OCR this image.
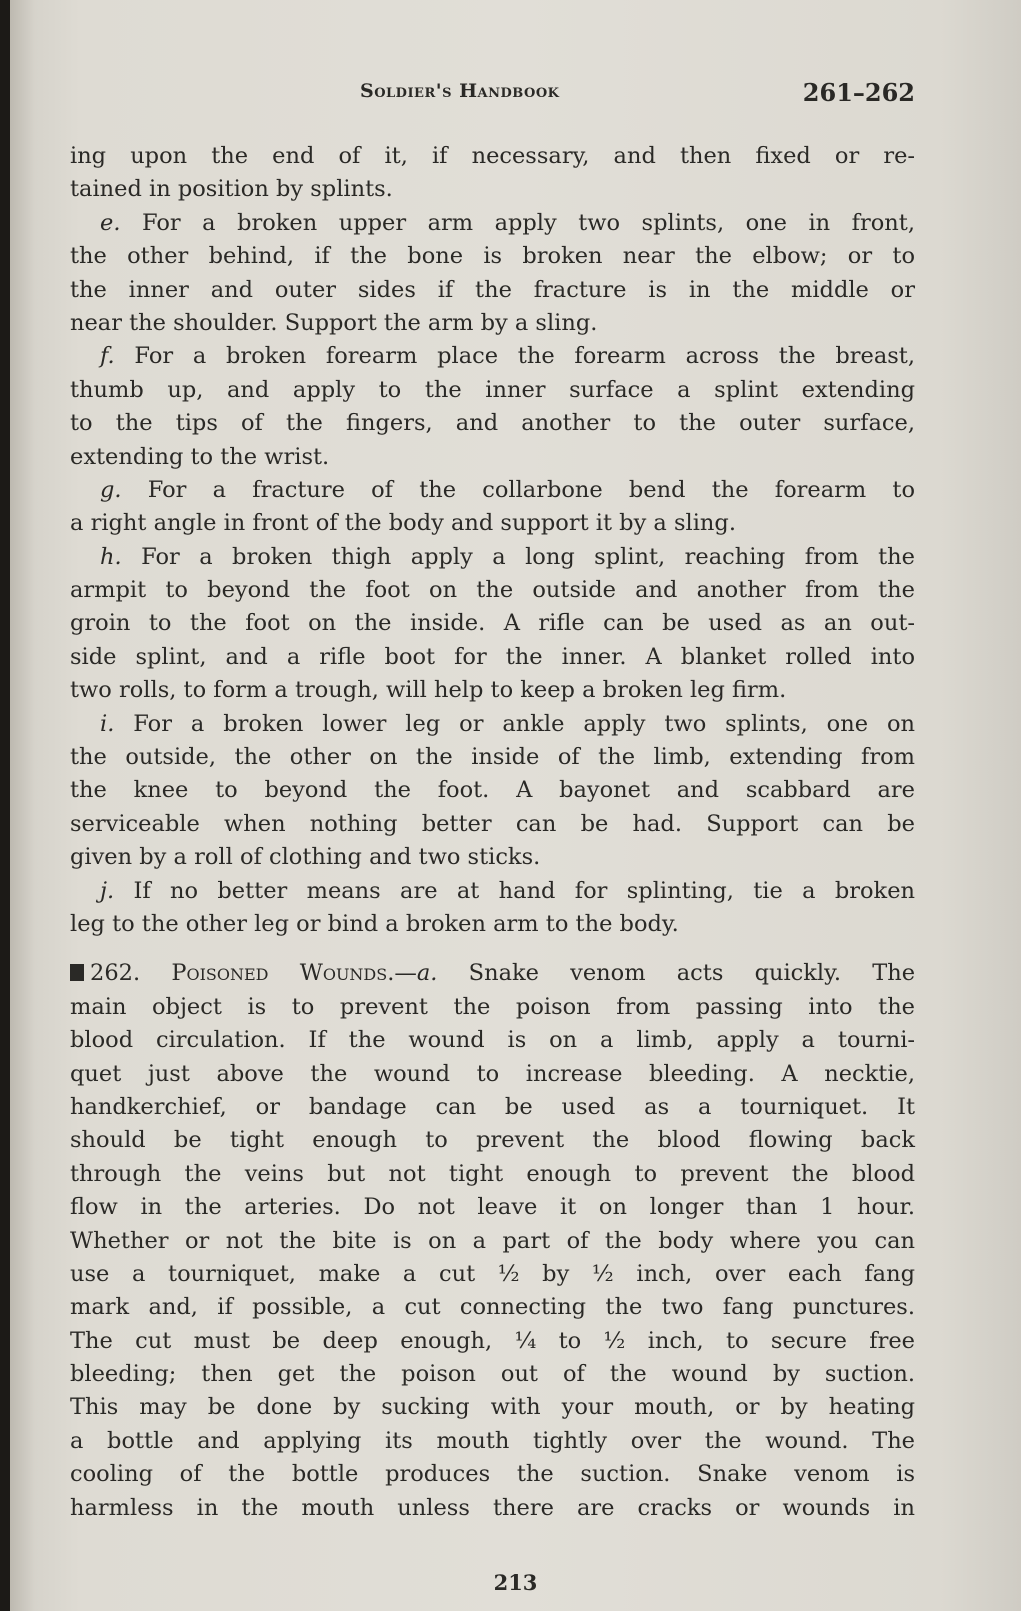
Soldier's Handbook	261–262
ing upon the end of it, if necessary, and then fixed or re-
tained in position by splints.
e. For a broken upper arm apply two splints, one in front,
the other behind, if the bone is broken near the elbow; or to
the inner and outer sides if the fracture is in the middle or
near the shoulder. Support the arm by a sling.
f. For a broken forearm place the forearm across the breast,
thumb up, and apply to the inner surface a splint extending
to the tips of the fingers, and another to the outer surface,
extending to the wrist.
g. For a fracture of the collarbone bend the forearm to
a right angle in front of the body and support it by a sling.
h. For a broken thigh apply a long splint, reaching from the
armpit to beyond the foot on the outside and another from the
groin to the foot on the inside. A rifle can be used as an out-
side splint, and a rifle boot for the inner. A blanket rolled into
two rolls, to form a trough, will help to keep a broken leg firm.
i. For a broken lower leg or ankle apply two splints, one on
the outside, the other on the inside of the limb, extending from
the knee to beyond the foot. A bayonet and scabbard are
serviceable when nothing better can be had. Support can be
given by a roll of clothing and two sticks.
j. If no better means are at hand for splinting, tie a broken
leg to the other leg or bind a broken arm to the body.
262. Poisoned Wounds.—a. Snake venom acts quickly. The
main object is to prevent the poison from passing into the
blood circulation. If the wound is on a limb, apply a tourni-
quet just above the wound to increase bleeding. A necktie,
handkerchief, or bandage can be used as a tourniquet. It
should be tight enough to prevent the blood flowing back
through the veins but not tight enough to prevent the blood
flow in the arteries. Do not leave it on longer than 1 hour.
Whether or not the bite is on a part of the body where you can
use a tourniquet, make a cut ½ by ½ inch, over each fang
mark and, if possible, a cut connecting the two fang punctures.
The cut must be deep enough, ¼ to ½ inch, to secure free
bleeding; then get the poison out of the wound by suction.
This may be done by sucking with your mouth, or by heating
a bottle and applying its mouth tightly over the wound. The
cooling of the bottle produces the suction. Snake venom is
harmless in the mouth unless there are cracks or wounds in
213
